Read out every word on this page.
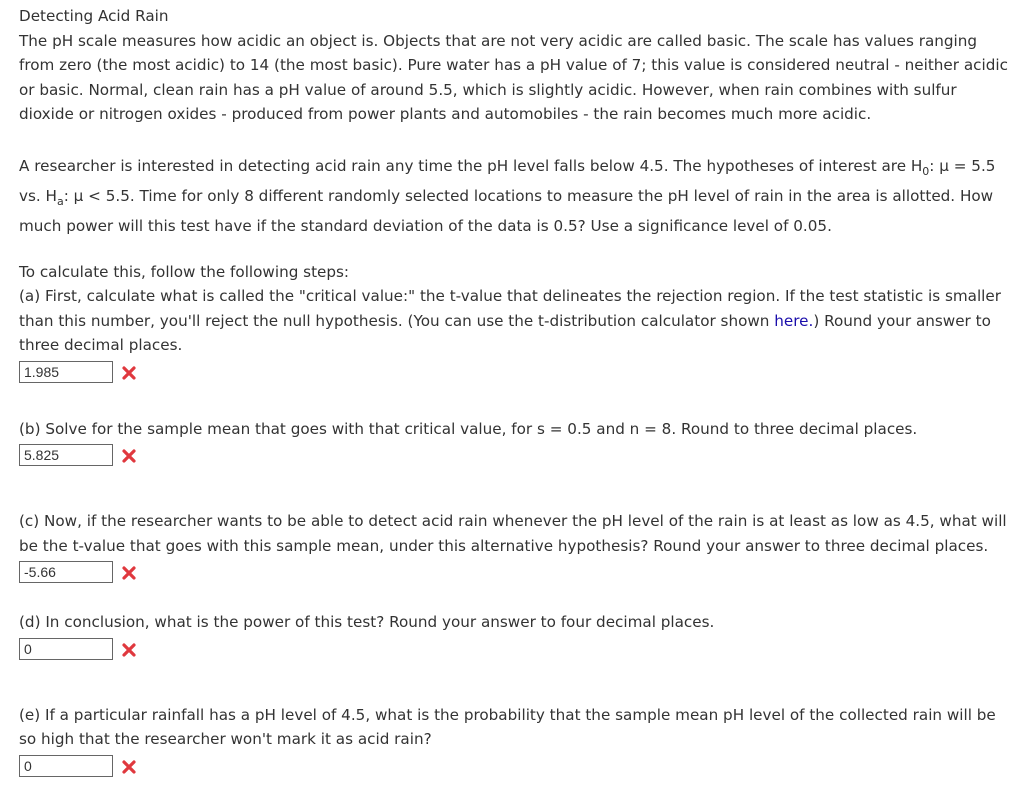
Detecting Acid Rain

The pH scale measures how acidic an object is. Objects that are not very acidic are called basic. The scale has values ranging from zero (the most acidic) to 14 (the most basic). Pure water has a pH value of 7; this value is considered neutral - neither acidic or basic. Normal, clean rain has a pH value of around 5.5, which is slightly acidic. However, when rain combines with sulfur dioxide or nitrogen oxides - produced from power plants and automobiles - the rain becomes much more acidic.

A researcher is interested in detecting acid rain any time the pH level falls below 4.5. The hypotheses of interest are $H_0$: μ = 5.5 vs. $H_a$: μ < 5.5. Time for only 8 different randomly selected locations to measure the pH level of rain in the area is allotted. How much power will this test have if the standard deviation of the data is 0.5? Use a significance level of 0.05.

To calculate this, follow the following steps:

(a) First, calculate what is called the "critical value:" the t-value that delineates the rejection region. If the test statistic is smaller than this number, you'll reject the null hypothesis. (You can use the t-distribution calculator shown here.) Round your answer to three decimal places.

1.985

(b) Solve for the sample mean that goes with that critical value, for s = 0.5 and n = 8. Round to three decimal places.

5.825

(c) Now, if the researcher wants to be able to detect acid rain whenever the pH level of the rain is at least as low as 4.5, what will be the t-value that goes with this sample mean, under this alternative hypothesis? Round your answer to three decimal places.

-5.66

(d) In conclusion, what is the power of this test? Round your answer to four decimal places.

0

(e) If a particular rainfall has a pH level of 4.5, what is the probability that the sample mean pH level of the collected rain will be so high that the researcher won't mark it as acid rain?

0
